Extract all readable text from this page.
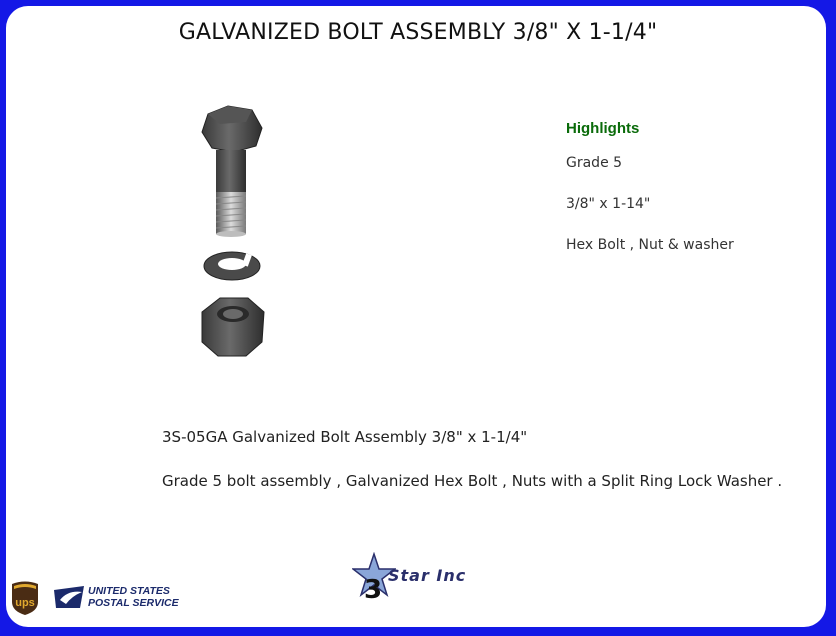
GALVANIZED BOLT ASSEMBLY 3/8" X 1-1/4"
Highlights
Grade 5
3/8" x 1-14"
Hex Bolt , Nut & washer
3S-05GA Galvanized Bolt Assembly 3/8" x 1-1/4"
Grade 5 bolt assembly , Galvanized Hex Bolt , Nuts with a Split Ring Lock Washer .
3 Star Inc
ups
UNITED STATES
POSTAL SERVICE
